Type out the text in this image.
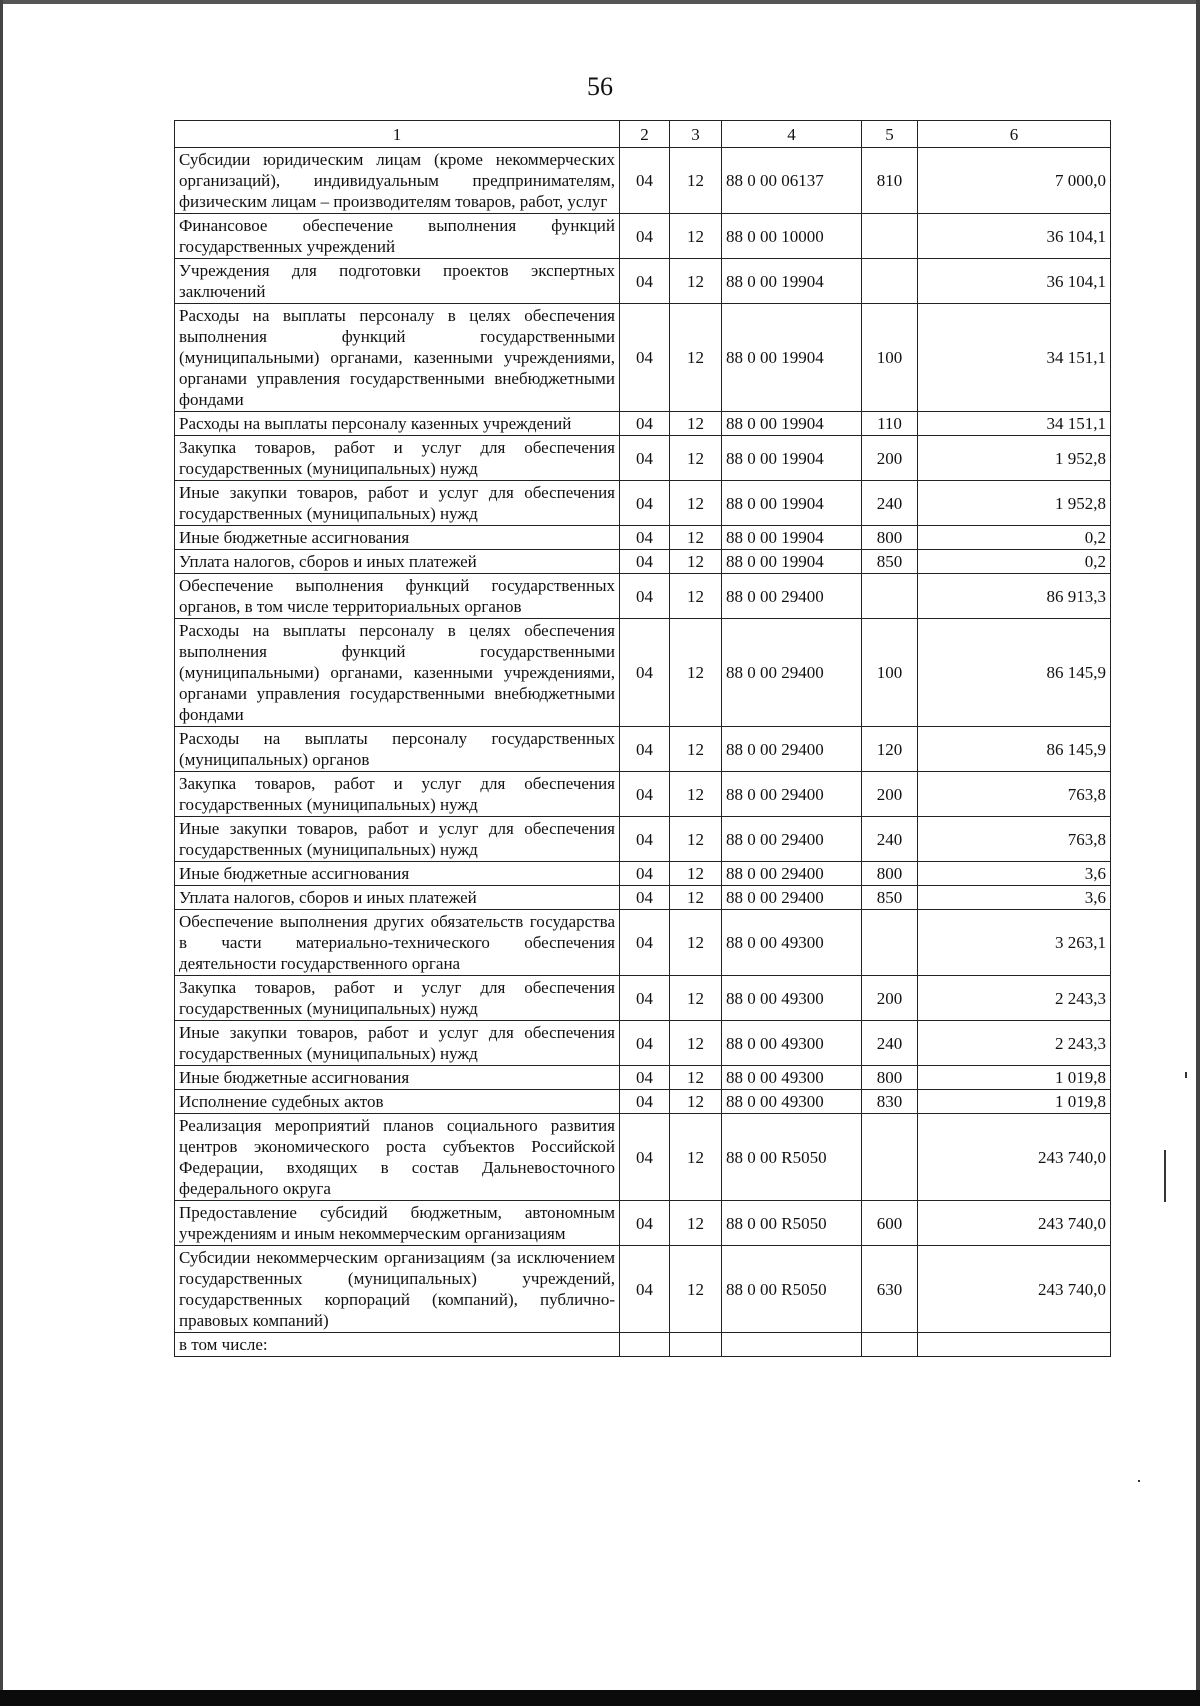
56
1	2	3	4	5	6
Субсидии юридическим лицам (кроме некоммерческих организаций), индивидуальным предпринимателям, физическим лицам – производителям товаров, работ, услуг	04	12	88 0 00 06137	810	7 000,0
Финансовое обеспечение выполнения функций государственных учреждений	04	12	88 0 00 10000		36 104,1
Учреждения для подготовки проектов экспертных заключений	04	12	88 0 00 19904		36 104,1
Расходы на выплаты персоналу в целях обеспечения выполнения функций государственными (муниципальными) органами, казенными учреждениями, органами управления государственными внебюджетными фондами	04	12	88 0 00 19904	100	34 151,1
Расходы на выплаты персоналу казенных учреждений	04	12	88 0 00 19904	110	34 151,1
Закупка товаров, работ и услуг для обеспечения государственных (муниципальных) нужд	04	12	88 0 00 19904	200	1 952,8
Иные закупки товаров, работ и услуг для обеспечения государственных (муниципальных) нужд	04	12	88 0 00 19904	240	1 952,8
Иные бюджетные ассигнования	04	12	88 0 00 19904	800	0,2
Уплата налогов, сборов и иных платежей	04	12	88 0 00 19904	850	0,2
Обеспечение выполнения функций государственных органов, в том числе территориальных органов	04	12	88 0 00 29400		86 913,3
Расходы на выплаты персоналу в целях обеспечения выполнения функций государственными (муниципальными) органами, казенными учреждениями, органами управления государственными внебюджетными фондами	04	12	88 0 00 29400	100	86 145,9
Расходы на выплаты персоналу государственных (муниципальных) органов	04	12	88 0 00 29400	120	86 145,9
Закупка товаров, работ и услуг для обеспечения государственных (муниципальных) нужд	04	12	88 0 00 29400	200	763,8
Иные закупки товаров, работ и услуг для обеспечения государственных (муниципальных) нужд	04	12	88 0 00 29400	240	763,8
Иные бюджетные ассигнования	04	12	88 0 00 29400	800	3,6
Уплата налогов, сборов и иных платежей	04	12	88 0 00 29400	850	3,6
Обеспечение выполнения других обязательств государства в части материально-технического обеспечения деятельности государственного органа	04	12	88 0 00 49300		3 263,1
Закупка товаров, работ и услуг для обеспечения государственных (муниципальных) нужд	04	12	88 0 00 49300	200	2 243,3
Иные закупки товаров, работ и услуг для обеспечения государственных (муниципальных) нужд	04	12	88 0 00 49300	240	2 243,3
Иные бюджетные ассигнования	04	12	88 0 00 49300	800	1 019,8
Исполнение судебных актов	04	12	88 0 00 49300	830	1 019,8
Реализация мероприятий планов социального развития центров экономического роста субъектов Российской Федерации, входящих в состав Дальневосточного федерального округа	04	12	88 0 00 R5050		243 740,0
Предоставление субсидий бюджетным, автономным учреждениям и иным некоммерческим организациям	04	12	88 0 00 R5050	600	243 740,0
Субсидии некоммерческим организациям (за исключением государственных (муниципальных) учреждений, государственных корпораций (компаний), публично-правовых компаний)	04	12	88 0 00 R5050	630	243 740,0
в том числе:					
